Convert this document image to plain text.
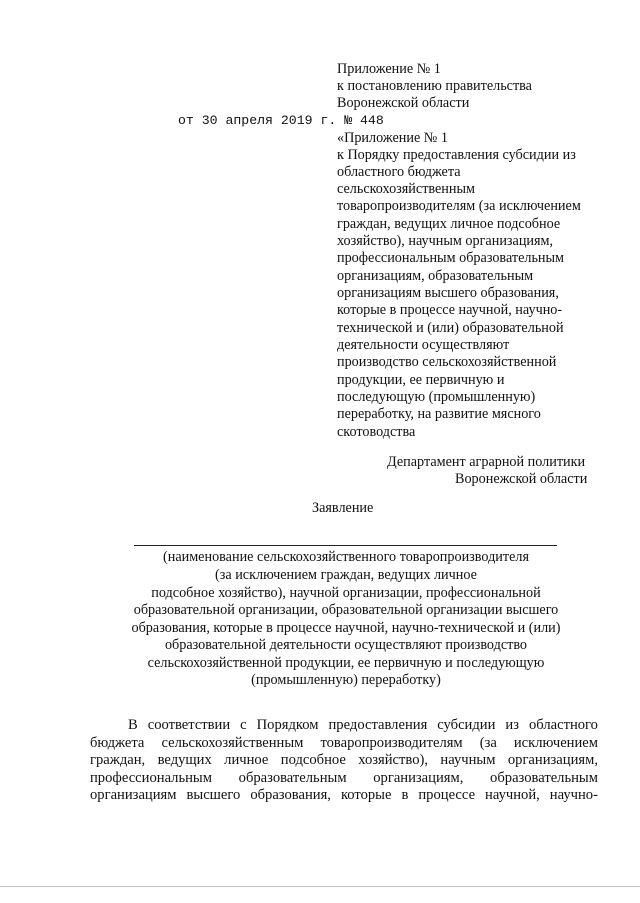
Приложение № 1
к постановлению правительства
Воронежской области
от 30 апреля 2019 г. № 448
«Приложение № 1
к Порядку предоставления субсидии из
областного бюджета
сельскохозяйственным
товаропроизводителям (за исключением
граждан, ведущих личное подсобное
хозяйство), научным организациям,
профессиональным образовательным
организациям, образовательным
организациям высшего образования,
которые в процессе научной, научно-
технической и (или) образовательной
деятельности осуществляют
производство сельскохозяйственной
продукции, ее первичную и
последующую (промышленную)
переработку, на развитие мясного
скотоводства
Департамент аграрной политики
Воронежской области
Заявление
(наименование сельскохозяйственного товаропроизводителя
(за исключением граждан, ведущих личное
подсобное хозяйство), научной организации, профессиональной
образовательной организации, образовательной организации высшего
образования, которые в процессе научной, научно-технической и (или)
образовательной деятельности осуществляют производство
сельскохозяйственной продукции, ее первичную и последующую
(промышленную) переработку)
В соответствии с Порядком предоставления субсидии из областного
бюджета сельскохозяйственным товаропроизводителям (за исключением
граждан, ведущих личное подсобное хозяйство), научным организациям,
профессиональным образовательным организациям, образовательным
организациям высшего образования, которые в процессе научной, научно-
